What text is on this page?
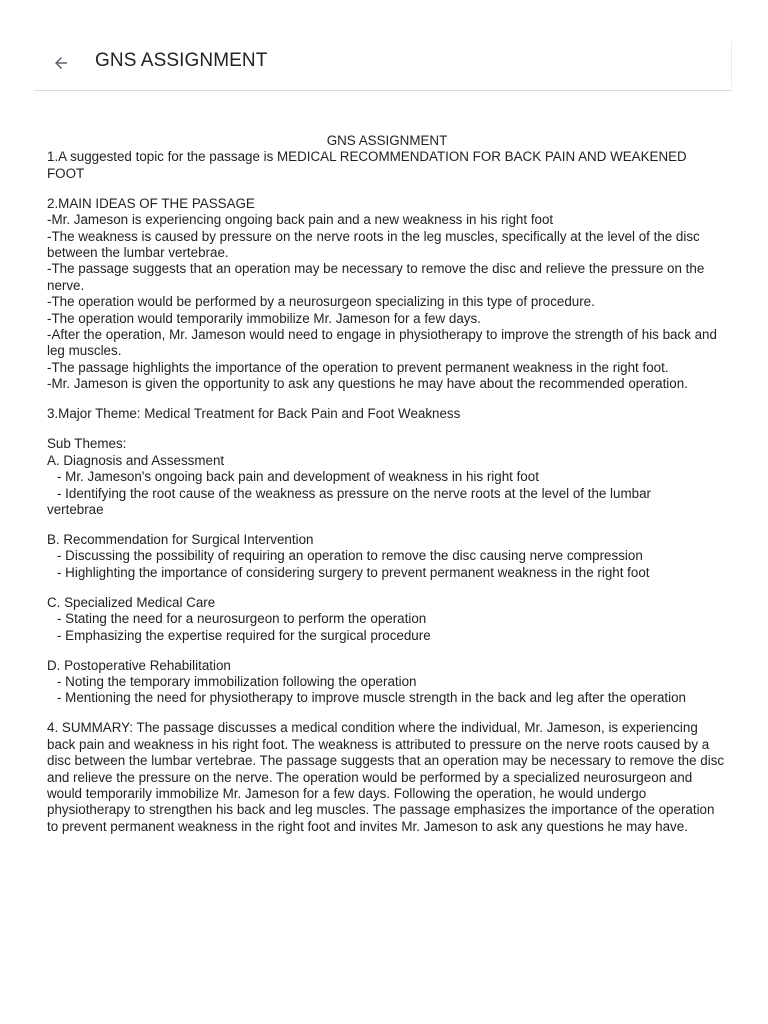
GNS ASSIGNMENT

GNS ASSIGNMENT

1.A suggested topic for the passage is MEDICAL RECOMMENDATION FOR BACK PAIN AND WEAKENED FOOT

2.MAIN IDEAS OF THE PASSAGE

-Mr. Jameson is experiencing ongoing back pain and a new weakness in his right foot

-The weakness is caused by pressure on the nerve roots in the leg muscles, specifically at the level of the disc between the lumbar vertebrae.

-The passage suggests that an operation may be necessary to remove the disc and relieve the pressure on the nerve.

-The operation would be performed by a neurosurgeon specializing in this type of procedure.

-The operation would temporarily immobilize Mr. Jameson for a few days.

-After the operation, Mr. Jameson would need to engage in physiotherapy to improve the strength of his back and leg muscles.

-The passage highlights the importance of the operation to prevent permanent weakness in the right foot.

-Mr. Jameson is given the opportunity to ask any questions he may have about the recommended operation.

3.Major Theme: Medical Treatment for Back Pain and Foot Weakness

Sub Themes:

A. Diagnosis and Assessment

- Mr. Jameson's ongoing back pain and development of weakness in his right foot

- Identifying the root cause of the weakness as pressure on the nerve roots at the level of the lumbar

vertebrae

B. Recommendation for Surgical Intervention

- Discussing the possibility of requiring an operation to remove the disc causing nerve compression

- Highlighting the importance of considering surgery to prevent permanent weakness in the right foot

C. Specialized Medical Care

- Stating the need for a neurosurgeon to perform the operation

- Emphasizing the expertise required for the surgical procedure

D. Postoperative Rehabilitation

- Noting the temporary immobilization following the operation

- Mentioning the need for physiotherapy to improve muscle strength in the back and leg after the operation

4. SUMMARY: The passage discusses a medical condition where the individual, Mr. Jameson, is experiencing back pain and weakness in his right foot. The weakness is attributed to pressure on the nerve roots caused by a disc between the lumbar vertebrae. The passage suggests that an operation may be necessary to remove the disc and relieve the pressure on the nerve. The operation would be performed by a specialized neurosurgeon and would temporarily immobilize Mr. Jameson for a few days. Following the operation, he would undergo physiotherapy to strengthen his back and leg muscles. The passage emphasizes the importance of the operation to prevent permanent weakness in the right foot and invites Mr. Jameson to ask any questions he may have.
